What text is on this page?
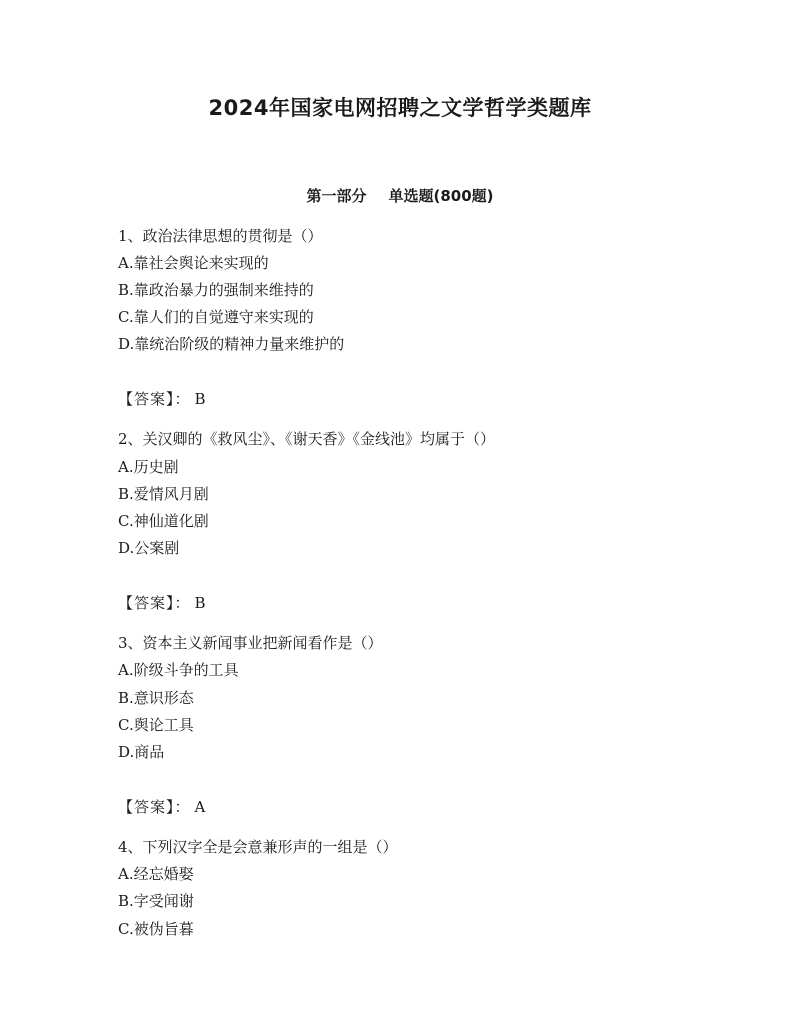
2024年国家电网招聘之文学哲学类题库
第一部分 单选题(800题)
1、政治法律思想的贯彻是（）
A.靠社会舆论来实现的
B.靠政治暴力的强制来维持的
C.靠人们的自觉遵守来实现的
D.靠统治阶级的精神力量来维护的
【答案】： B
2、关汉卿的《救风尘》、《谢天香》《金线池》均属于（）
A.历史剧
B.爱情风月剧
C.神仙道化剧
D.公案剧
【答案】： B
3、资本主义新闻事业把新闻看作是（）
A.阶级斗争的工具
B.意识形态
C.舆论工具
D.商品
【答案】： A
4、下列汉字全是会意兼形声的一组是（）
A.经忘婚娶
B.字受闻谢
C.被伪旨暮
